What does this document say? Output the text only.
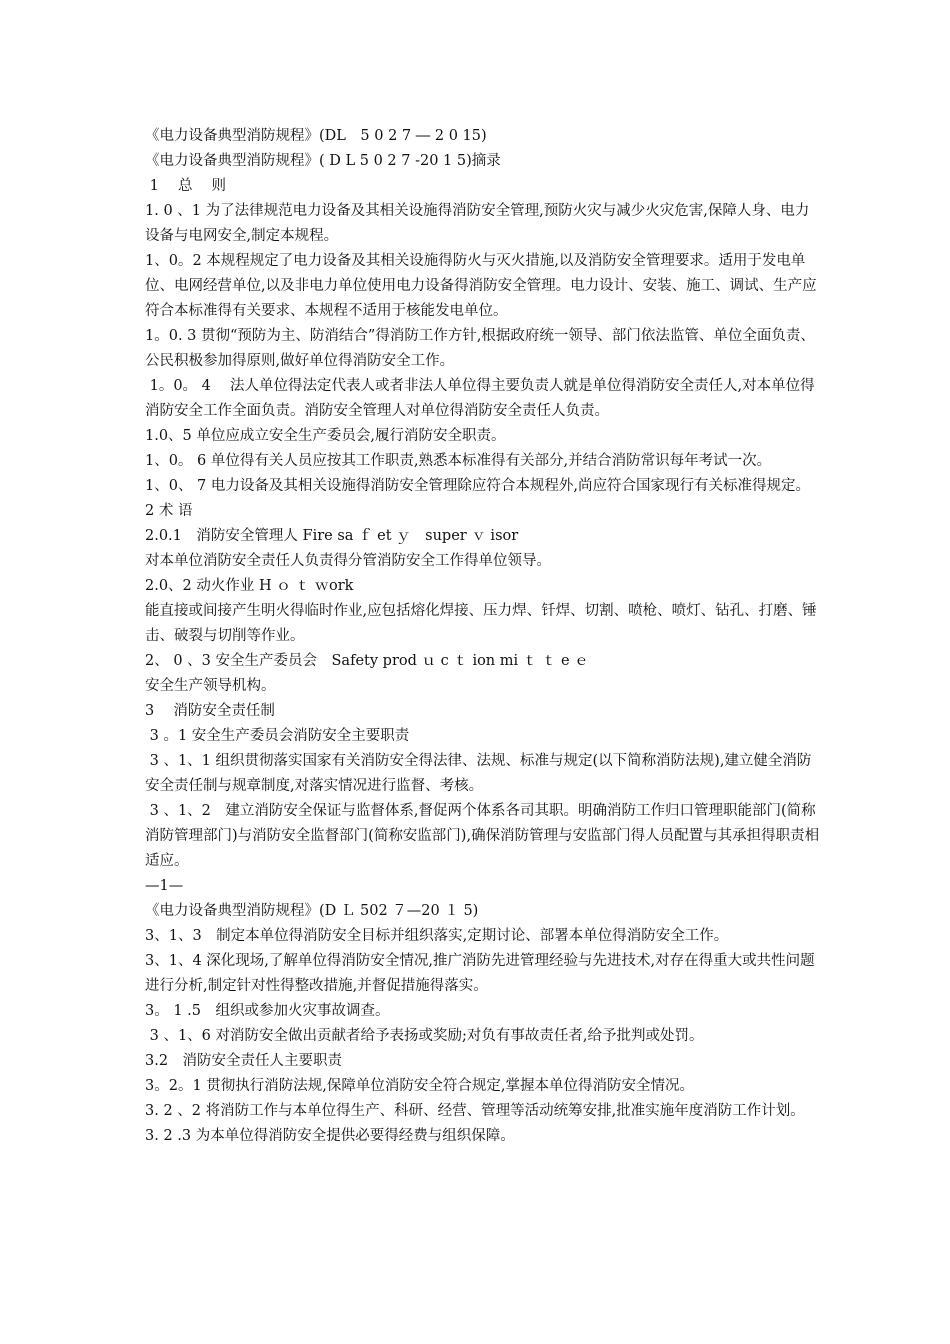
《电力设备典型消防规程》(DL　5 0 2 7 ― 2 0 15)

《电力设备典型消防规程》( D L 5 0 2 7 -20 1 5)摘录

1　 总　 则

1. 0 、1 为了法律规范电力设备及其相关设施得消防安全管理,预防火灾与减少火灾危害,保障人身、电力设备与电网安全,制定本规程。

1、0。2 本规程规定了电力设备及其相关设施得防火与灭火措施,以及消防安全管理要求。适用于发电单位、电网经营单位,以及非电力单位使用电力设备得消防安全管理。电力设计、安装、施工、调试、生产应符合本标准得有关要求、本规程不适用于核能发电单位。

1。0. 3 贯彻“预防为主、防消结合”得消防工作方针,根据政府统一领导、部门依法监管、单位全面负责、公民积极参加得原则,做好单位得消防安全工作。

1。0。 4　 法人单位得法定代表人或者非法人单位得主要负责人就是单位得消防安全责任人,对本单位得消防安全工作全面负责。消防安全管理人对单位得消防安全责任人负责。

1.0、5 单位应成立安全生产委员会,履行消防安全职责。

1、0。 6 单位得有关人员应按其工作职责,熟悉本标准得有关部分,并结合消防常识每年考试一次。

1、0、 7 电力设备及其相关设施得消防安全管理除应符合本规程外,尚应符合国家现行有关标准得规定。

2 术 语

2.0.1　消防安全管理人 Fire sa ｆ et ｙ　super ｖ isor

对本单位消防安全责任人负责得分管消防安全工作得单位领导。

2.0、2 动火作业 H ｏ ｔ ｗork

能直接或间接产生明火得临时作业,应包括熔化焊接、压力焊、钎焊、切割、喷枪、喷灯、钻孔、打磨、锤击、破裂与切削等作业。

2、 0 、3 安全生产委员会　Safety prod ｕ c ｔ ion mi ｔ ｔ e ｅ

安全生产领导机构。

3　 消防安全责任制

3 。1 安全生产委员会消防安全主要职责

3 、1、1 组织贯彻落实国家有关消防安全得法律、法规、标准与规定(以下简称消防法规),建立健全消防安全责任制与规章制度,对落实情况进行监督、考核。

3 、1、2　建立消防安全保证与监督体系,督促两个体系各司其职。明确消防工作归口管理职能部门(简称消防管理部门)与消防安全监督部门(简称安监部门),确保消防管理与安监部门得人员配置与其承担得职责相适应。

—1—

《电力设备典型消防规程》(D Ｌ 502 ７—20 １ 5)

3、1、3　制定本单位得消防安全目标并组织落实,定期讨论、部署本单位得消防安全工作。

3、1、4 深化现场,了解单位得消防安全情况,推广消防先进管理经验与先进技术,对存在得重大或共性问题进行分析,制定针对性得整改措施,并督促措施得落实。

3。 1 .5　组织或参加火灾事故调查。

3 、1、6 对消防安全做出贡献者给予表扬或奖励;对负有事故责任者,给予批判或处罚。

3.2　消防安全责任人主要职责

3。2。1 贯彻执行消防法规,保障单位消防安全符合规定,掌握本单位得消防安全情况。

3. 2 、2 将消防工作与本单位得生产、科研、经营、管理等活动统筹安排,批准实施年度消防工作计划。

3. 2 .3 为本单位得消防安全提供必要得经费与组织保障。
